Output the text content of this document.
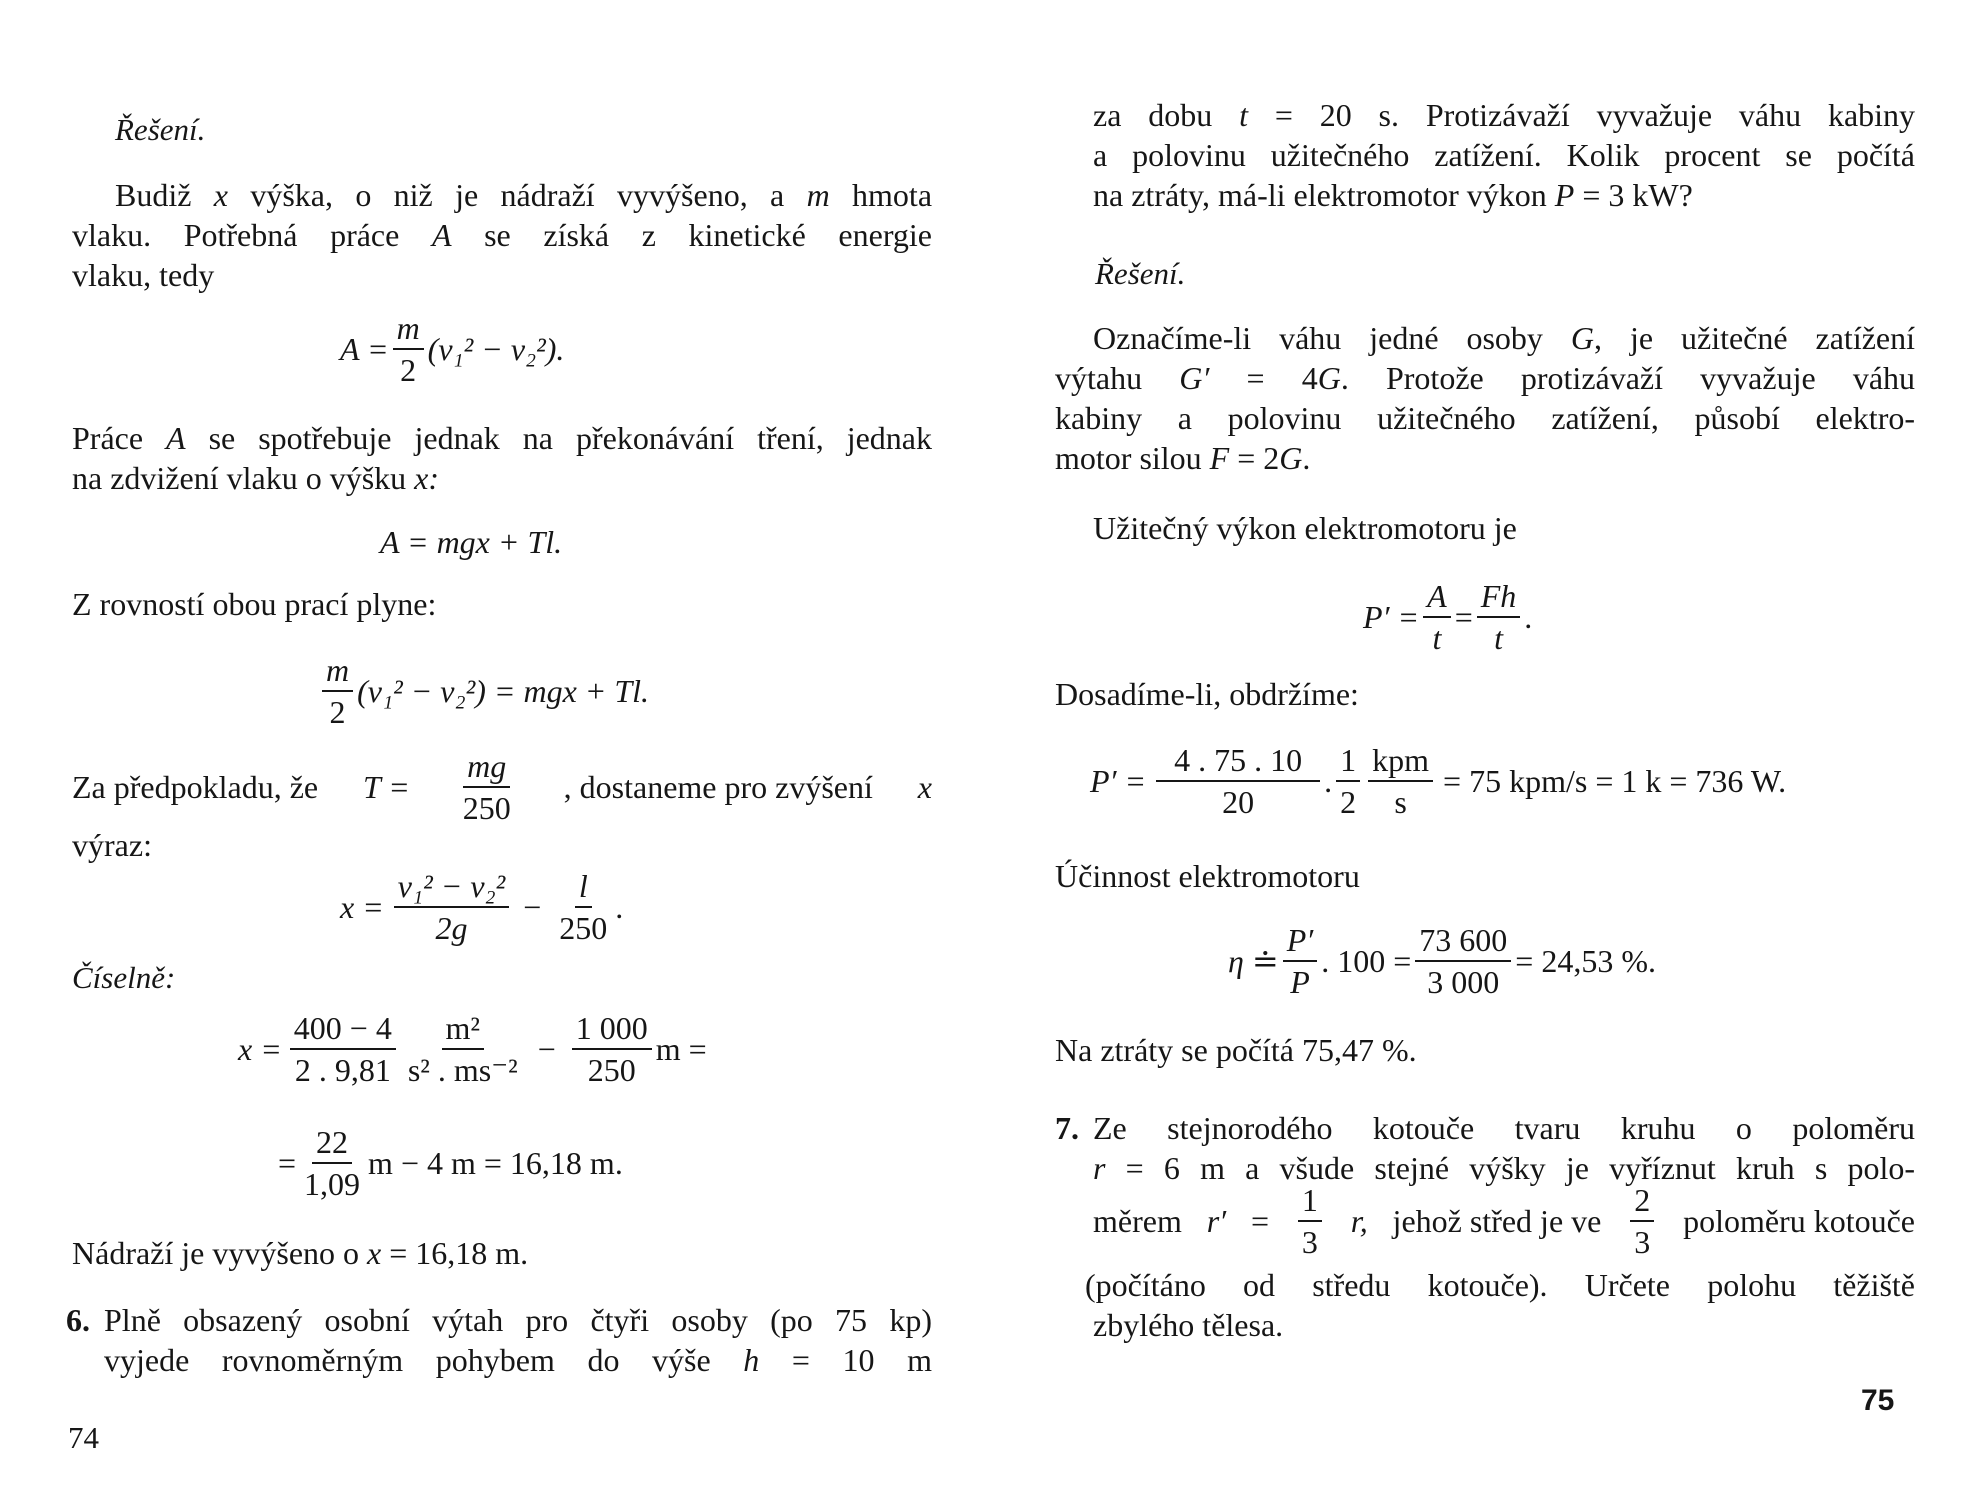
Řešení.
Budiž x výška, o niž je nádraží vyvýšeno, a m hmota
vlaku. Potřebná práce A se získá z kinetické energie
vlaku, tedy
$A = \frac{m}{2} (v_1^2 - v_2^2)$.
Práce A se spotřebuje jednak na překonávání tření, jednak
na zdvižení vlaku o výšku x:
A = mgx + Tl.
Z rovností obou prací plyne:
$\frac{m}{2} (v_1^2 - v_2^2)$ = mgx + Tl.
Za předpokladu, že $T = \frac{mg}{250}$ , dostaneme pro zvýšení x
výraz:
$x = \frac{\text{v₁² − v₂²}}{2g} - \frac{l}{250}$ .
Číselně:
$x = \frac{400 - 4}{2 . 9,81} \frac{\text{m²}}{\text{s² . ms⁻²}} - \frac{1 000}{250}$ m =
= $\frac{22}{1,09}$ m − 4 m = 16,18 m.
Nádraží je vyvýšeno o x = 16,18 m.
6. Plně obsazený osobní výtah pro čtyři osoby (po 75 kp)
vyjede rovnoměrným pohybem do výše h = 10 m
74
za dobu t = 20 s. Protizávaží vyvažuje váhu kabiny
a polovinu užitečného zatížení. Kolik procent se počítá
na ztráty, má-li elektromotor výkon P = 3 kW?
Řešení.
Označíme-li váhu jedné osoby G, je užitečné zatížení
výtahu G′ = 4G. Protože protizávaží vyvažuje váhu
kabiny a polovinu užitečného zatížení, působí elektro-
motor silou F = 2G.
Užitečný výkon elektromotoru je
$P' = \frac{A}{t} = \frac{Fh}{t}$ .
Dosadíme-li, obdržíme:
$P' = \frac{4 . 75 . 10}{20}$ . $\frac{1}{2} \frac{\text{kpm}}{s} = 75$ kpm/s = 1 k = 736 W.
Účinnost elektromotoru
η ≐ $\frac{P'}{P}$ . $100 = \frac{73 600}{3 000} = 24,53$ %.
Na ztráty se počítá 75,47 %.
7. Ze stejnorodého kotouče tvaru kruhu o poloměru
r = 6 m a všude stejné výšky je vyříznut kruh s polo-
měrem $r' = \frac{1}{3} r$, jehož střed je ve $\frac{2}{3}$ poloměru kotouče
(počítáno od středu kotouče). Určete polohu těžiště
zbylého tělesa.
75
